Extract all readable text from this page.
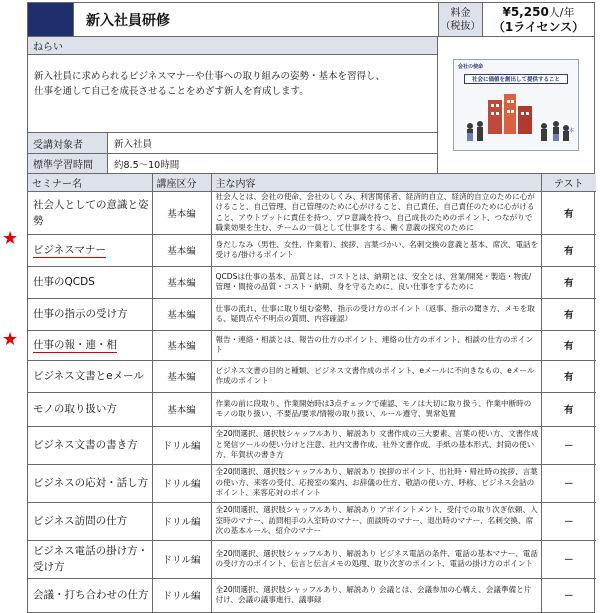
新入社員研修	料金
（税抜）
¥5,250人/年
（1ライセンス）
ねらい
新入社員に求められるビジネスマナーや仕事への取り組みの姿勢・基本を習得し、
仕事を通して自己を成長させることをめざす新人を育成します。
受講対象者	新入社員
標準学習時間	約8.5～10時間
会社の使命
社会に価値を創出して提供すること
賀本
セミナー名	講座区分	主な内容	テスト
社会人としての意識と姿勢	基本編	社会人とは、会社の使命、会社のしくみ、利害関係者、経済的自立、経済的自立のために心がけること、自己管理、自己管理のために心がけること、自己責任、自己責任のために心がけること、アウトプットに責任を持つ、プロ意識を持つ、自己成長のためのポイント、つながりで職業効果を生む、チームの一員として仕事をする、働く意義の探究のために	有
ビジネスマナー	基本編	身だしなみ（男性、女性、作業着）、挨拶、言葉づかい、名刺交換の意義と基本、席次、電話を受ける/掛けるポイント	有
仕事のQCDS	基本編	QCDSは仕事の基本、品質とは、コストとは、納期とは、安全とは、営業/開発・製造・物流/管理・間接の品質・コスト・納期、身を守るために、良い仕事をするために	有
仕事の指示の受け方	基本編	仕事の流れ、仕事に取り組む姿勢、指示の受け方のポイント（返事、指示の聞き方、メモを取る、疑問点や不明点の質問、内容確認）	有
仕事の報・連・相	基本編	報告・連絡・相談とは、報告の仕方のポイント、連絡の仕方のポイント、相談の仕方のポイント	有
ビジネス文書とeメール	基本編	ビジネス文書の目的と種類、ビジネス文書作成のポイント、eメールに不向きなもの、eメール作成のポイント	有
モノの取り扱い方	基本編	作業の前に段取り、作業開始時は3点チェックで確認、モノは大切に取り扱う、作業中断時のモノの取り扱い、不要品/要求/情報の取り扱い、ルール遵守、異常処置	有
ビジネス文書の書き方	ドリル編	全20問選択、選択肢シャッフルあり、解説あり 文書作成の三大要素、言葉の使い方、文書作成と発信ツールの使い分けと注意、社内文書作成、社外文書作成、手紙の基本形式、封筒の使い方、年賀状の書き方	－
ビジネスの応対・話し方	ドリル編	全20問選択、選択肢シャッフルあり、解説あり 挨拶のポイント、出社時・帰社時の挨拶、言葉の使い方、来客の受付、応接室の案内、お辞儀の仕方、敬語の使い方、呼称、ビジネス会話のポイント、来客応対のポイント	－
ビジネス訪問の仕方	ドリル編	全20問選択、選択肢シャッフルあり、解説あり アポイントメント、受付での取り次ぎ依頼、入室時のマナー、訪問相手の入室時のマナー、面談時のマナー、退出時のマナー、名刺交換、席次の基本ルール、紹介のマナー	－
ビジネス電話の掛け方・受け方	ドリル編	全20問選択、選択肢シャッフルあり、解説あり ビジネス電話の条件、電話の基本マナー、電話の受け方のポイント、伝言と伝言メモの処理、取り次ぎのポイント、電話の掛け方のポイント	－
会議・打ち合わせの仕方	ドリル編	全20問選択、選択肢シャッフルあり、解説あり 会議とは、会議参加の心構え、会議準備と片付け、会議の議事進行、議事録	－
★
★
